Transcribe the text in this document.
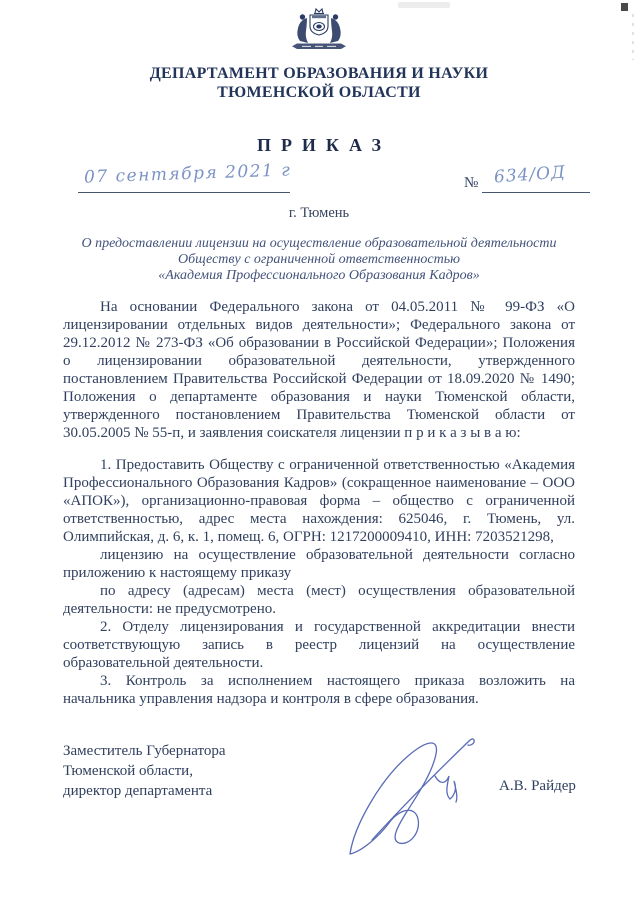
ДЕПАРТАМЕНТ ОБРАЗОВАНИЯ И НАУКИ
ТЮМЕНСКОЙ ОБЛАСТИ
ПРИКАЗ
07 сентября 2021 г	№ 634/ОД
г. Тюмень
О предоставлении лицензии на осуществление образовательной деятельности
Обществу с ограниченной ответственностью
«Академия Профессионального Образования Кадров»

На основании Федерального закона от 04.05.2011 № 99-ФЗ «О лицензировании отдельных видов деятельности»; Федерального закона от 29.12.2012 № 273-ФЗ «Об образовании в Российской Федерации»; Положения о лицензировании образовательной деятельности, утвержденного постановлением Правительства Российской Федерации от 18.09.2020 № 1490; Положения о департаменте образования и науки Тюменской области, утвержденного постановлением Правительства Тюменской области от 30.05.2005 № 55-п, и заявления соискателя лицензии п р и к а з ы в а ю:

1. Предоставить Обществу с ограниченной ответственностью «Академия Профессионального Образования Кадров» (сокращенное наименование – ООО «АПОК»), организационно-правовая форма – общество с ограниченной ответственностью, адрес места нахождения: 625046, г. Тюмень, ул. Олимпийская, д. 6, к. 1, помещ. 6, ОГРН: 1217200009410, ИНН: 7203521298,

лицензию на осуществление образовательной деятельности согласно приложению к настоящему приказу

по адресу (адресам) места (мест) осуществления образовательной деятельности: не предусмотрено.

2. Отделу лицензирования и государственной аккредитации внести соответствующую запись в реестр лицензий на осуществление образовательной деятельности.

3. Контроль за исполнением настоящего приказа возложить на начальника управления надзора и контроля в сфере образования.

Заместитель Губернатора
Тюменской области,
директор департамента	А.В. Райдер
